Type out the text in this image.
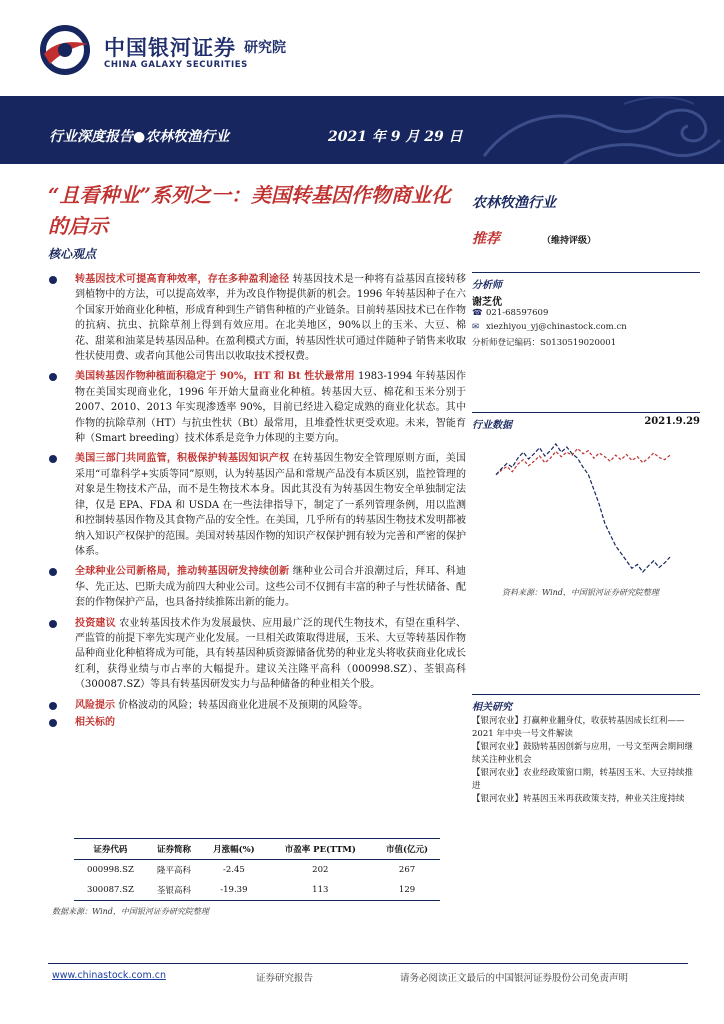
中国银河证券 研究院
CHINA GALAXY SECURITIES
行业深度报告●农林牧渔行业	2021 年 9 月 29 日
“且看种业”系列之一：美国转基因作物商业化的启示
核心观点
转基因技术可提高育种效率，存在多种盈利途径 转基因技术是一种将有益基因直接转移到植物中的方法，可以提高效率，并为改良作物提供新的机会。1996 年转基因种子在六个国家开始商业化种植，形成育种到生产销售种植的产业链条。目前转基因技术已在作物的抗病、抗虫、抗除草剂上得到有效应用。在北美地区，90%以上的玉米、大豆、棉花、甜菜和油菜是转基因品种。在盈利模式方面，转基因性状可通过伴随种子销售来收取性状使用费、或者向其他公司售出以收取技术授权费。
美国转基因作物种植面积稳定于 90%，HT 和 Bt 性状最常用 1983-1994 年转基因作物在美国实现商业化，1996 年开始大量商业化种植。转基因大豆、棉花和玉米分别于 2007、2010、2013 年实现渗透率 90%，目前已经进入稳定成熟的商业化状态。其中作物的抗除草剂（HT）与抗虫性状（Bt）最常用，且堆叠性状更受欢迎。未来，智能育种（Smart breeding）技术体系是竞争力体现的主要方向。
美国三部门共同监管，积极保护转基因知识产权 在转基因生物安全管理原则方面，美国采用“可靠科学+实质等同”原则，认为转基因产品和常规产品没有本质区别，监控管理的对象是生物技术产品，而不是生物技术本身。因此其没有为转基因生物安全单独制定法律，仅是 EPA、FDA 和 USDA 在一些法律指导下，制定了一系列管理条例，用以监测和控制转基因作物及其食物产品的安全性。在美国，几乎所有的转基因生物技术发明都被纳入知识产权保护的范围。美国对转基因作物的知识产权保护拥有较为完善和严密的保护体系。
全球种业公司新格局，推动转基因研发持续创新 继种业公司合并浪潮过后，拜耳、科迪华、先正达、巴斯夫成为前四大种业公司。这些公司不仅拥有丰富的种子与性状储备、配套的作物保护产品，也具备持续推陈出新的能力。
投资建议 农业转基因技术作为发展最快、应用最广泛的现代生物技术，有望在重科学、严监管的前提下率先实现产业化发展。一旦相关政策取得进展，玉米、大豆等转基因作物品种商业化种植将成为可能，具有转基因种质资源储备优势的种业龙头将收获商业化成长红利，获得业绩与市占率的大幅提升。建议关注隆平高科（000998.SZ）、荃银高科（300087.SZ）等具有转基因研发实力与品种储备的种业相关个股。
风险提示 价格波动的风险；转基因商业化进展不及预期的风险等。
相关标的
证券代码	证券简称	月涨幅(%)	市盈率 PE(TTM)	市值(亿元)
000998.SZ	隆平高科	-2.45	202	267
300087.SZ	荃银高科	-19.39	113	129
数据来源：Wind，中国银河证券研究院整理
农林牧渔行业
推荐	（维持评级）
分析师
谢芝优
☎ 021-68597609
✉ xiezhiyou_yj@chinastock.com.cn
分析师登记编码：S0130519020001
行业数据	2021.9.29
资料来源：Wind，中国银河证券研究院整理
相关研究
【银河农业】打赢种业翻身仗，收获转基因成长红利——2021 年中央一号文件解读
【银河农业】鼓励转基因创新与应用，一号文至两会期间继续关注种业机会
【银河农业】农业经政策窗口期，转基因玉米、大豆持续推进
【银河农业】转基因玉米再获政策支持，种业关注度持续
www.chinastock.com.cn	证券研究报告	请务必阅读正文最后的中国银河证券股份公司免责声明
